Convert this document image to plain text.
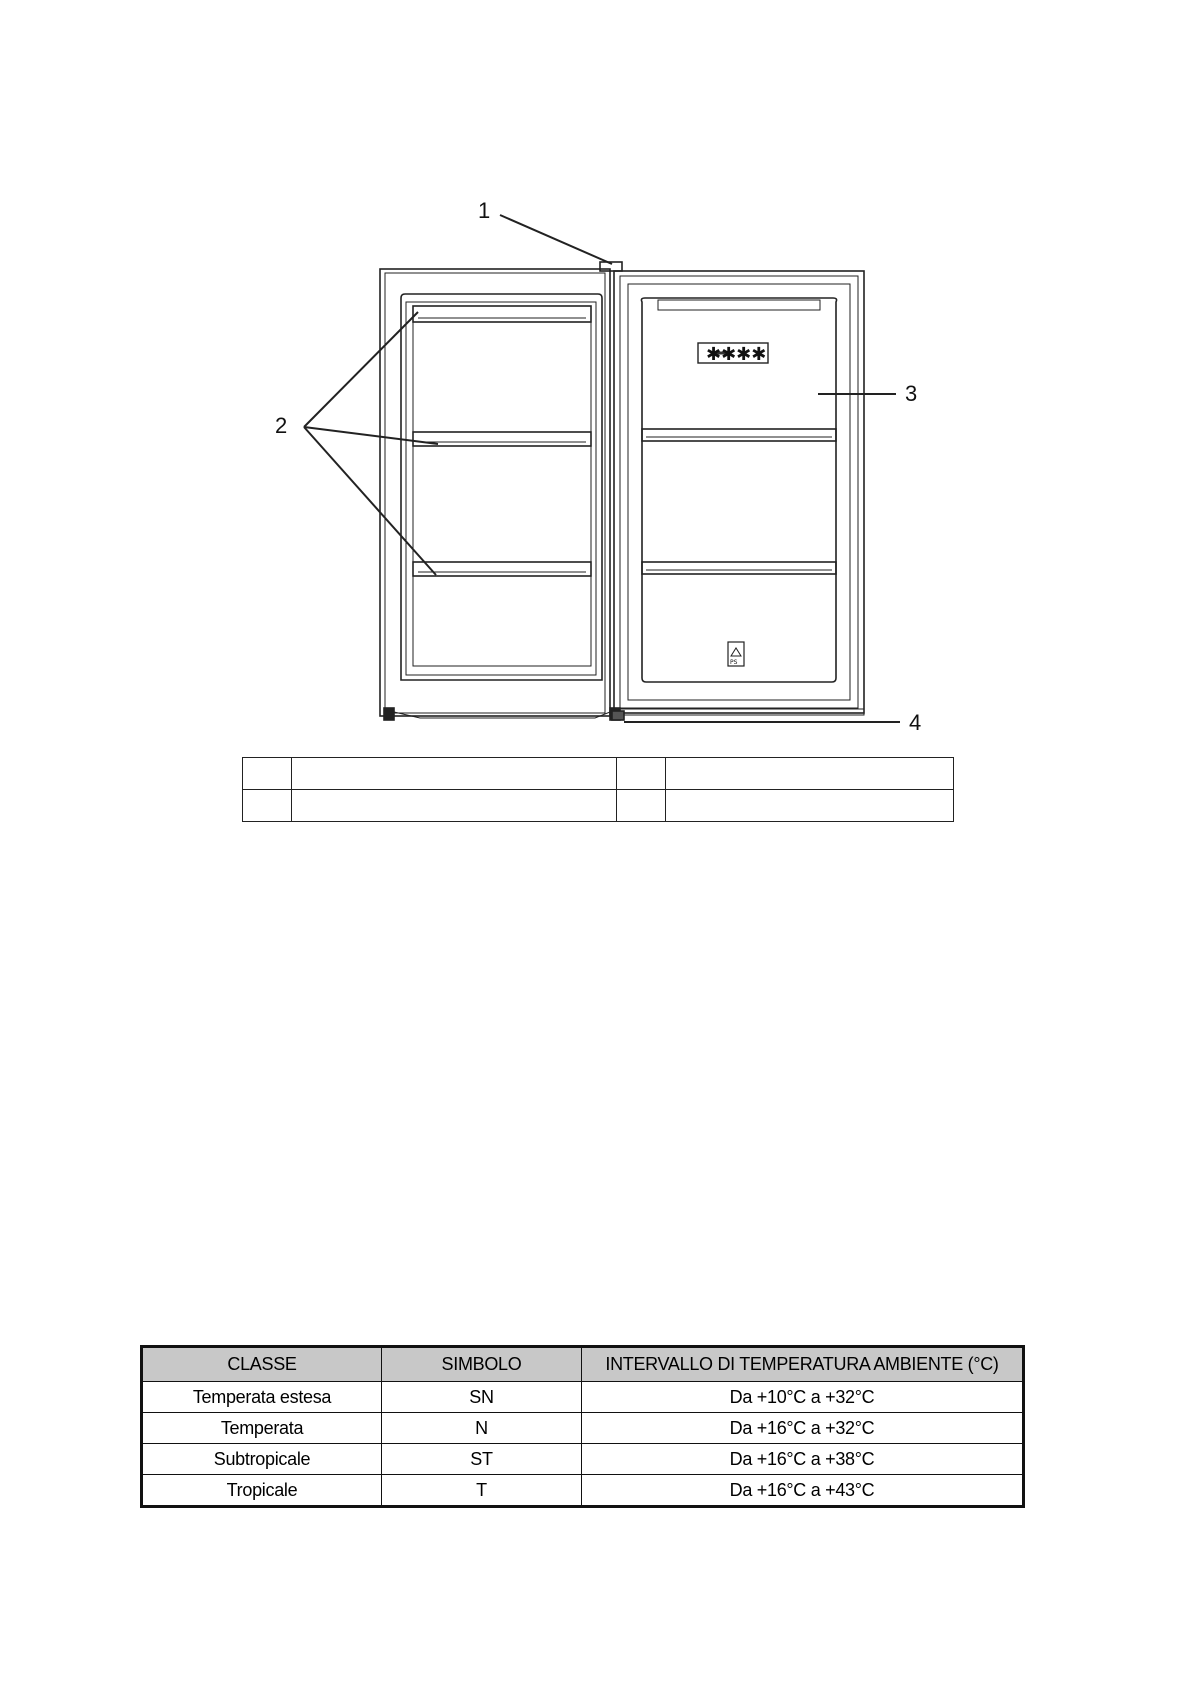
✱✱✱✱
PS
1
2
3
4

CLASSE	SIMBOLO	INTERVALLO DI TEMPERATURA AMBIENTE (°C)
Temperata estesa	SN	Da +10°C a +32°C
Temperata	N	Da +16°C a +32°C
Subtropicale	ST	Da +16°C a +38°C
Tropicale	T	Da +16°C a +43°C
